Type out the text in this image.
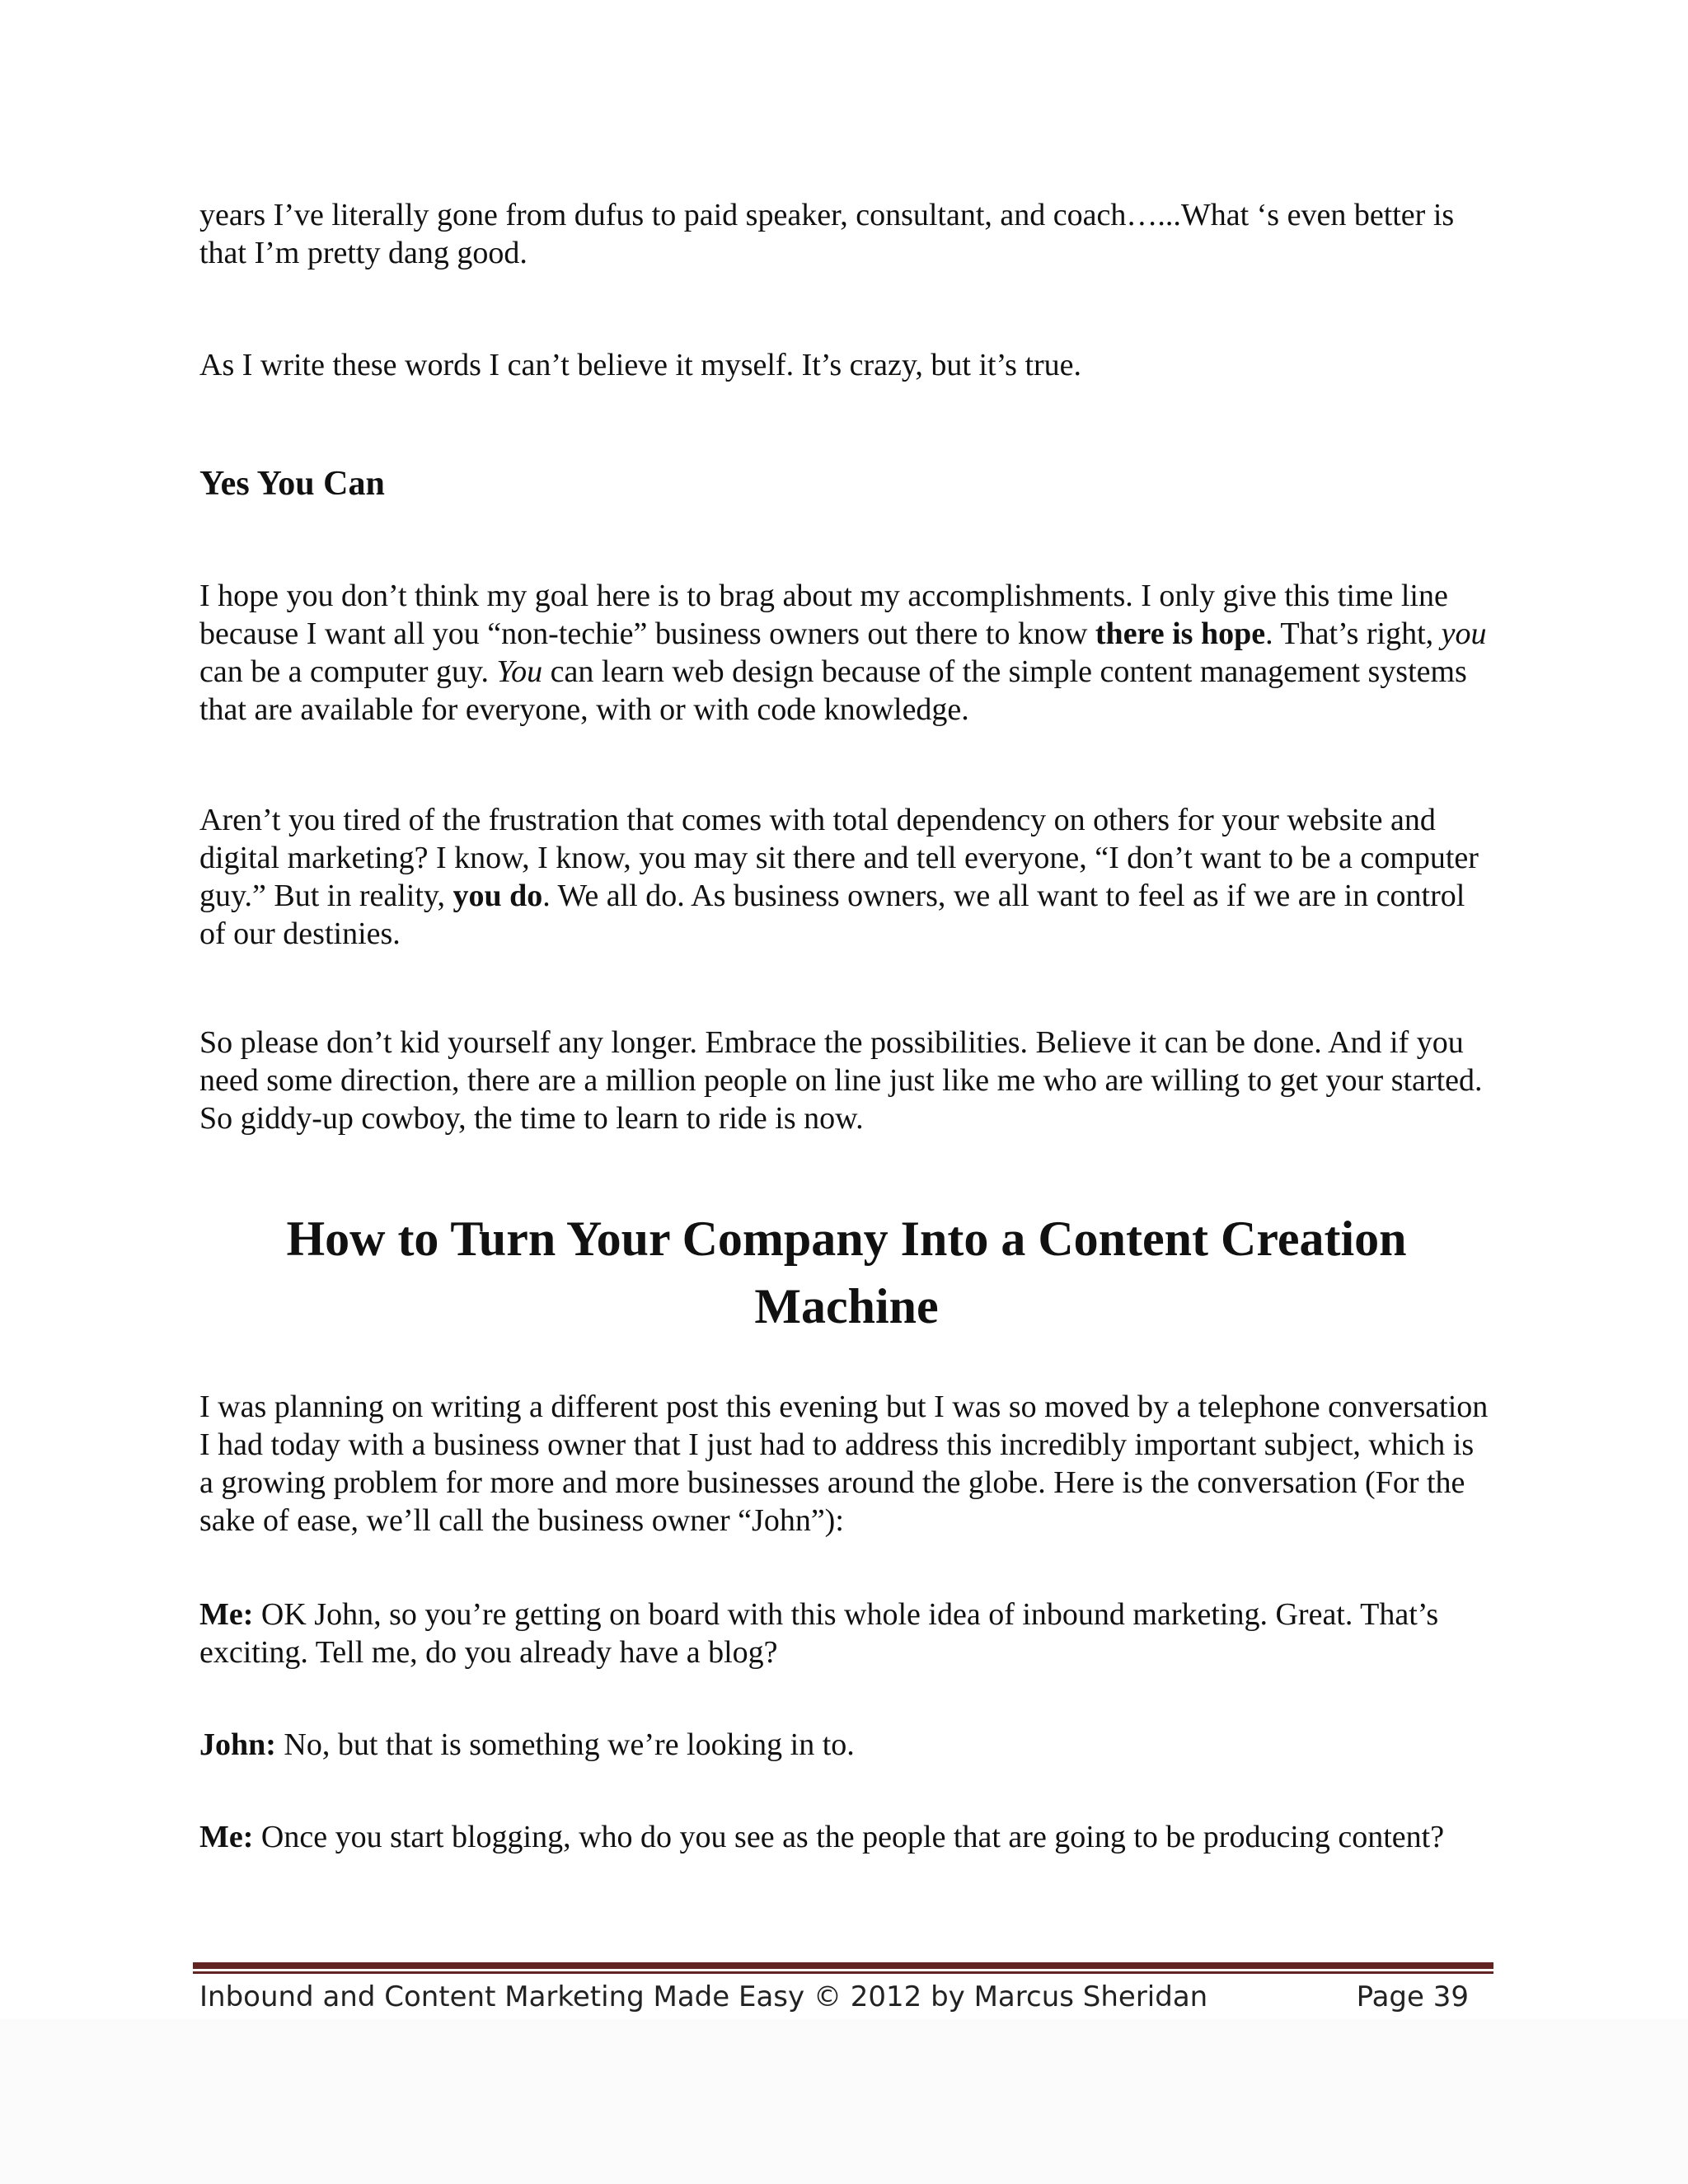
years I’ve literally gone from dufus to paid speaker, consultant, and coach…...What ‘s even better is that I’m pretty dang good.

As I write these words I can’t believe it myself. It’s crazy, but it’s true.

Yes You Can

I hope you don’t think my goal here is to brag about my accomplishments. I only give this time line because I want all you “non-techie” business owners out there to know there is hope. That’s right, you can be a computer guy. You can learn web design because of the simple content management systems that are available for everyone, with or with code knowledge.

Aren’t you tired of the frustration that comes with total dependency on others for your website and digital marketing? I know, I know, you may sit there and tell everyone, “I don’t want to be a computer guy.” But in reality, you do. We all do. As business owners, we all want to feel as if we are in control of our destinies.

So please don’t kid yourself any longer. Embrace the possibilities. Believe it can be done. And if you need some direction, there are a million people on line just like me who are willing to get your started. So giddy-up cowboy, the time to learn to ride is now.

How to Turn Your Company Into a Content Creation
Machine

I was planning on writing a different post this evening but I was so moved by a telephone conversation I had today with a business owner that I just had to address this incredibly important subject, which is a growing problem for more and more businesses around the globe. Here is the conversation (For the sake of ease, we’ll call the business owner “John”):

Me: OK John, so you’re getting on board with this whole idea of inbound marketing. Great. That’s exciting. Tell me, do you already have a blog?

John: No, but that is something we’re looking in to.

Me: Once you start blogging, who do you see as the people that are going to be producing content?

Inbound and Content Marketing Made Easy © 2012 by Marcus Sheridan	Page 39
